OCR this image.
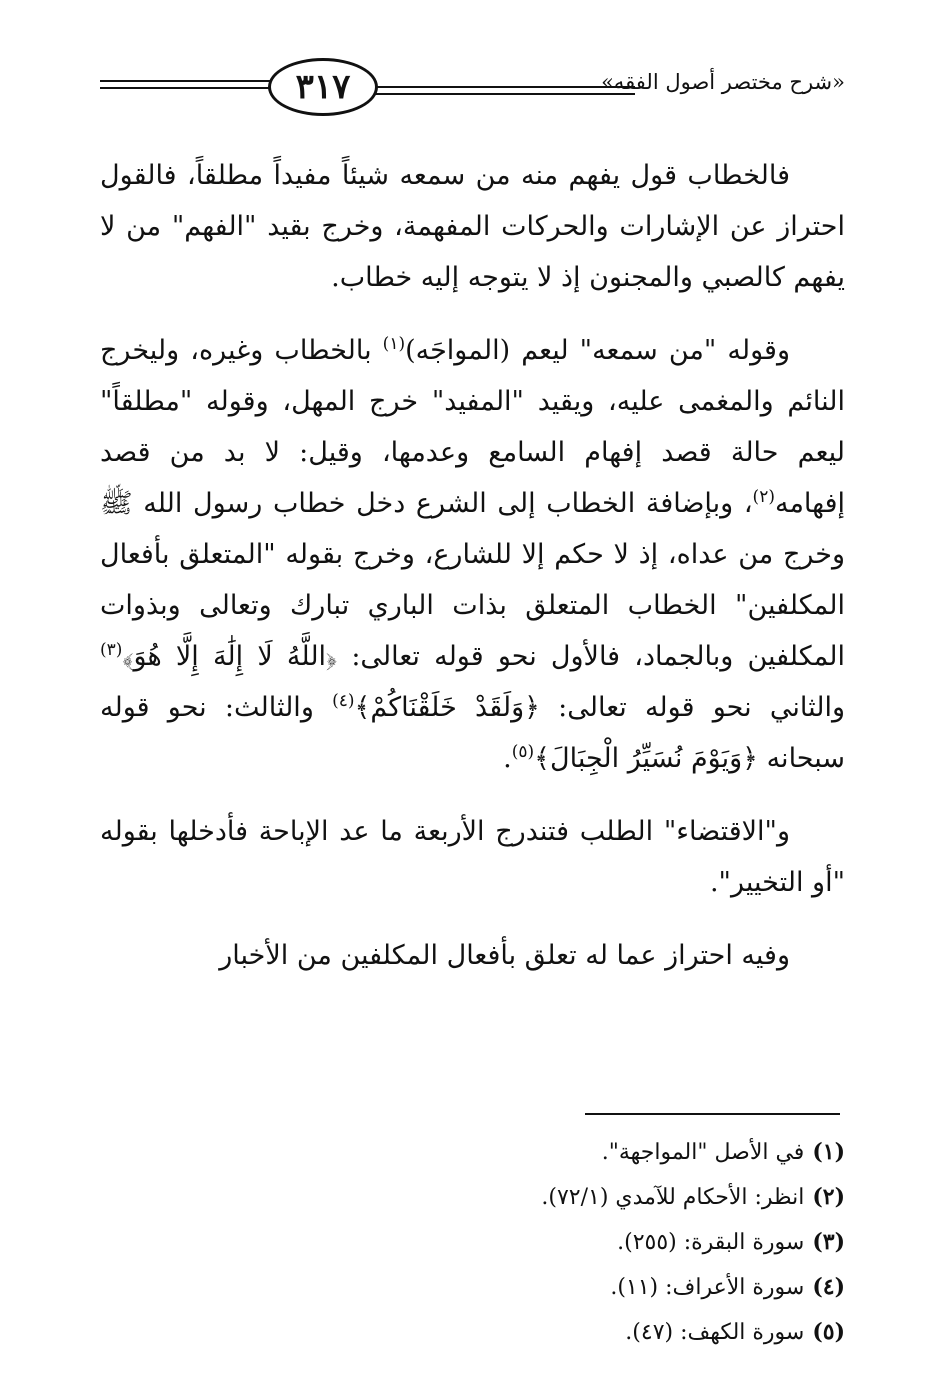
٣١٧	«شرح مختصر أصول الفقه»

فالخطاب قول يفهم منه من سمعه شيئاً مفيداً مطلقاً، فالقول احتراز عن الإشارات والحركات المفهمة، وخرج بقيد "الفهم" من لا يفهم كالصبي والمجنون إذ لا يتوجه إليه خطاب.

وقوله "من سمعه" ليعم (المواجَه)$^{(١)}$ بالخطاب وغيره، وليخرج النائم والمغمى عليه، ويقيد "المفيد" خرج المهل، وقوله "مطلقاً" ليعم حالة قصد إفهام السامع وعدمها، وقيل: لا بد من قصد إفهامه$^{(٢)}$، وبإضافة الخطاب إلى الشرع دخل خطاب رسول الله ﷺ وخرج من عداه، إذ لا حكم إلا للشارع، وخرج بقوله "المتعلق بأفعال المكلفين" الخطاب المتعلق بذات الباري تبارك وتعالى وبذوات المكلفين وبالجماد، فالأول نحو قوله تعالى: ﴿اللَّهُ لَا إِلَٰهَ إِلَّا هُوَ﴾$^{(٣)}$ والثاني نحو قوله تعالى: ﴿وَلَقَدْ خَلَقْنَاكُمْ﴾$^{(٤)}$ والثالث: نحو قوله سبحانه ﴿وَيَوْمَ نُسَيِّرُ الْجِبَالَ﴾$^{(٥)}$.

و"الاقتضاء" الطلب فتندرج الأربعة ما عد الإباحة فأدخلها بقوله "أو التخيير".

وفيه احتراز عما له تعلق بأفعال المكلفين من الأخبار

(١)في الأصل "المواجهة".

(٢)انظر: الأحكام للآمدي (٧٢/١).

(٣)سورة البقرة: (٢٥٥).

(٤)سورة الأعراف: (١١).

(٥)سورة الكهف: (٤٧).
